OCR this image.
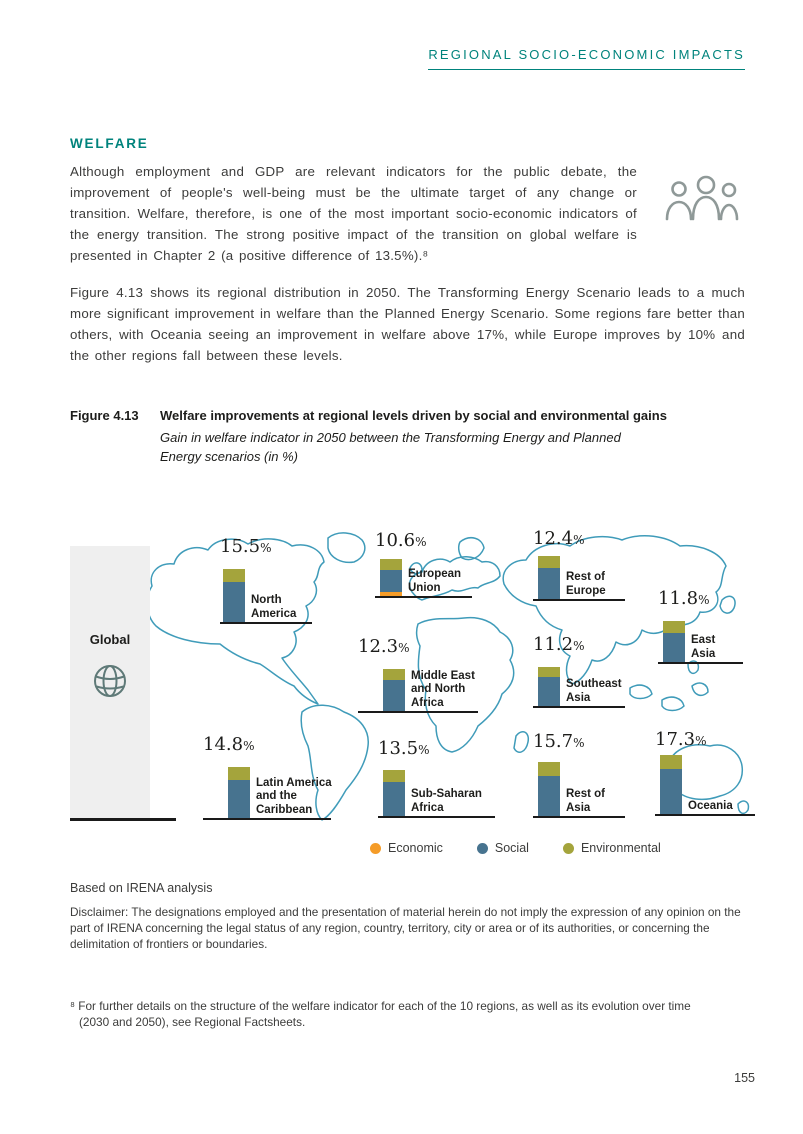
REGIONAL SOCIO-ECONOMIC IMPACTS
WELFARE

Although employment and GDP are relevant indicators for the public debate, the improvement of people's well-being must be the ultimate target of any change or transition. Welfare, therefore, is one of the most important socio-economic indicators of the energy transition. The strong positive impact of the transition on global welfare is presented in Chapter 2 (a positive difference of 13.5%).⁸

Figure 4.13 shows its regional distribution in 2050. The Transforming Energy Scenario leads to a much more significant improvement in welfare than the Planned Energy Scenario. Some regions fare better than others, with Oceania seeing an improvement in welfare above 17%, while Europe improves by 10% and the other regions fall between these levels.

Figure 4.13	Welfare improvements at regional levels driven by social and environmental gains
Gain in welfare indicator in 2050 between the Transforming Energy and Planned Energy scenarios (in %)
Global
15.5%
North America
10.6%
European Union
12.4%
Rest of Europe	11.8%
East Asia
12.3%
Middle East and North Africa
11.2%
Southeast Asia
14.8%
Latin America and the Caribbean
13.5%
Sub-Saharan Africa
15.7%
Rest of Asia
17.3%
Oceania
Economic	Social	Environmental
Based on IRENA analysis
Disclaimer: The designations employed and the presentation of material herein do not imply the expression of any opinion on the part of IRENA concerning the legal status of any region, country, territory, city or area or of its authorities, or concerning the delimitation of frontiers or boundaries.
⁸ For further details on the structure of the welfare indicator for each of the 10 regions, as well as its evolution over time (2030 and 2050), see Regional Factsheets.
155
